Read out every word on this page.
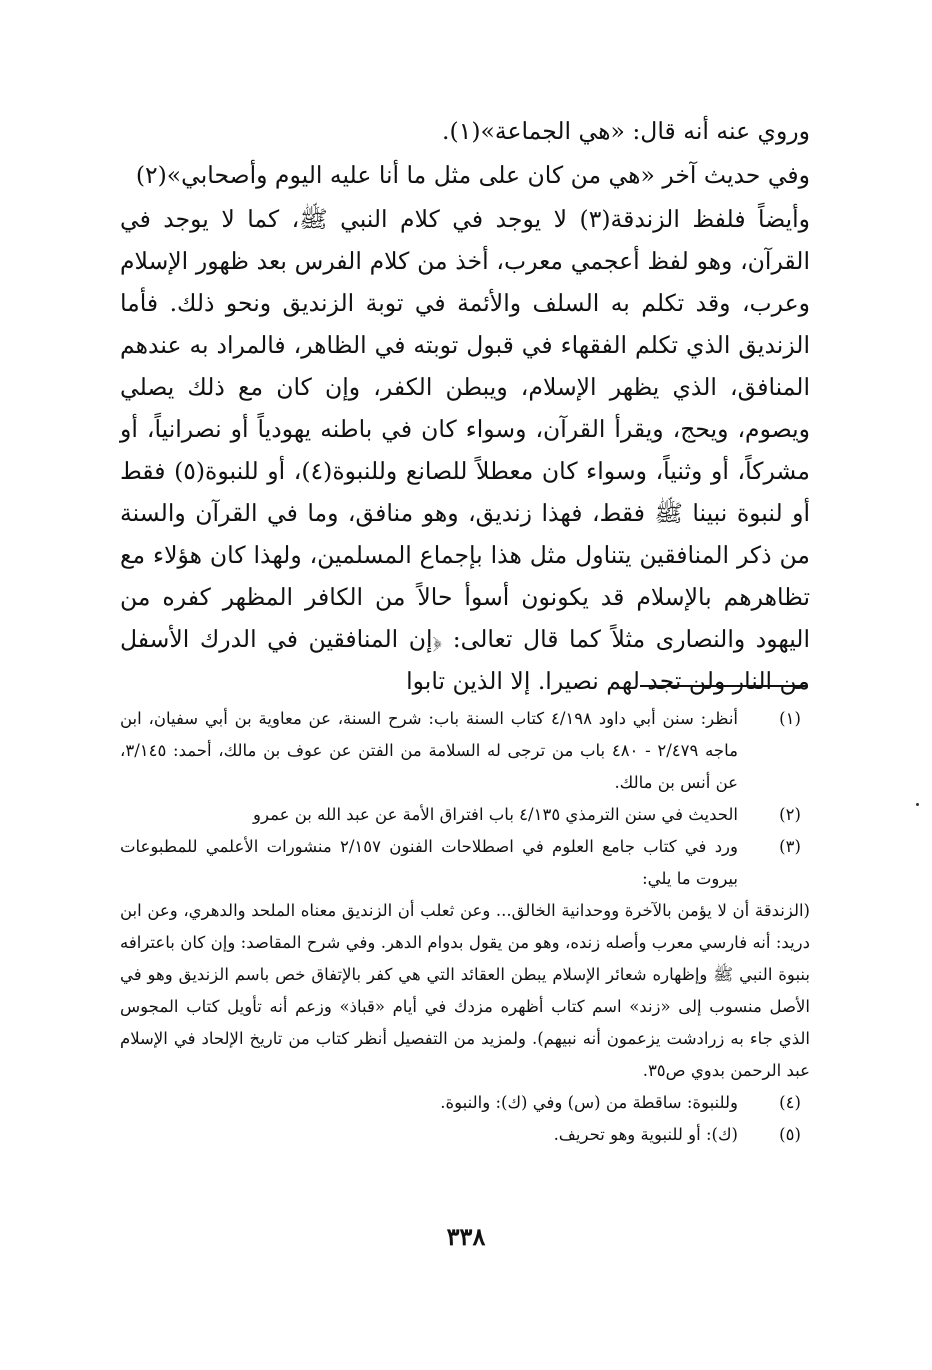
وروي عنه أنه قال: «هي الجماعة»(١).

وفي حديث آخر «هي من كان على مثل ما أنا عليه اليوم وأصحابي»(٢)

وأيضاً فلفظ الزندقة(٣) لا يوجد في كلام النبي ﷺ، كما لا يوجد في القرآن، وهو لفظ أعجمي معرب، أخذ من كلام الفرس بعد ظهور الإسلام وعرب، وقد تكلم به السلف والأئمة في توبة الزنديق ونحو ذلك. فأما الزنديق الذي تكلم الفقهاء في قبول توبته في الظاهر، فالمراد به عندهم المنافق، الذي يظهر الإسلام، ويبطن الكفر، وإن كان مع ذلك يصلي ويصوم، ويحج، ويقرأ القرآن، وسواء كان في باطنه يهودياً أو نصرانياً، أو مشركاً، أو وثنياً، وسواء كان معطلاً للصانع وللنبوة(٤)، أو للنبوة(٥) فقط أو لنبوة نبينا ﷺ فقط، فهذا زنديق، وهو منافق، وما في القرآن والسنة من ذكر المنافقين يتناول مثل هذا بإجماع المسلمين، ولهذا كان هؤلاء مع تظاهرهم بالإسلام قد يكونون أسوأ حالاً من الكافر المظهر كفره من اليهود والنصارى مثلاً كما قال تعالى: ﴿إن المنافقين في الدرك الأسفل من النار ولن تجد لهم نصيرا. إلا الذين تابوا

(١)
أنظر: سنن أبي داود ٤/١٩٨ كتاب السنة باب: شرح السنة، عن معاوية بن أبي سفيان، ابن ماجه ٢/٤٧٩ - ٤٨٠ باب من ترجى له السلامة من الفتن عن عوف بن مالك، أحمد: ٣/١٤٥، عن أنس بن مالك.
(٢)
الحديث في سنن الترمذي ٤/١٣٥ باب افتراق الأمة عن عبد الله بن عمرو
(٣)
ورد في كتاب جامع العلوم في اصطلاحات الفنون ٢/١٥٧ منشورات الأعلمي للمطبوعات بيروت ما يلي:
(الزندقة أن لا يؤمن بالآخرة ووحدانية الخالق... وعن ثعلب أن الزنديق معناه الملحد والدهري، وعن ابن دريد: أنه فارسي معرب وأصله زنده، وهو من يقول بدوام الدهر. وفي شرح المقاصد: وإن كان باعترافه بنبوة النبي ﷺ وإظهاره شعائر الإسلام يبطن العقائد التي هي كفر بالإتفاق خص باسم الزنديق وهو في الأصل منسوب إلى «زند» اسم كتاب أظهره مزدك في أيام «قباذ» وزعم أنه تأويل كتاب المجوس الذي جاء به زرادشت يزعمون أنه نبيهم). ولمزيد من التفصيل أنظر كتاب من تاريخ الإلحاد في الإسلام عبد الرحمن بدوي ص٣٥.
(٤)
وللنبوة: ساقطة من (س) وفي (ك): والنبوة.
(٥)
(ك): أو للنبوية وهو تحريف.
٣٣٨
